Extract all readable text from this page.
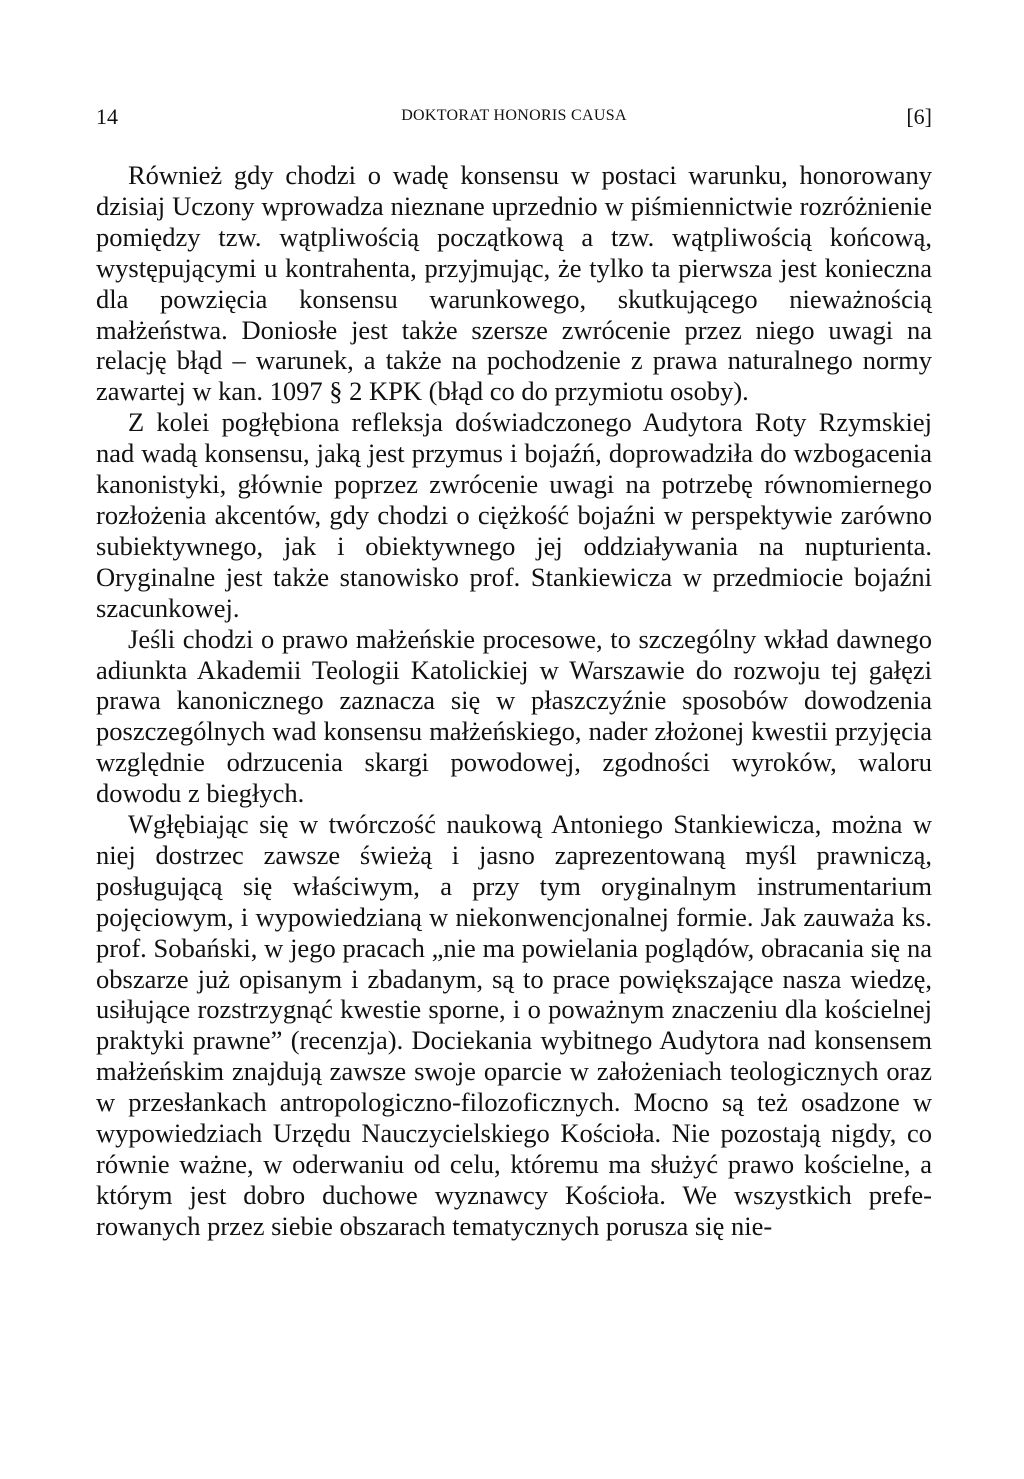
14	DOKTORAT HONORIS CAUSA	[6]

Również gdy chodzi o wadę konsensu w postaci warunku, honorowany dzisiaj Uczony wprowadza nieznane uprzednio w piśmiennictwie rozróżnienie pomiędzy tzw. wątpliwością początkową a tzw. wątpliwością końcową, występującymi u kontrahenta, przyjmując, że tylko ta pierwsza jest konieczna dla powzięcia konsensu warunkowego, skutkującego nieważnością małżeństwa. Doniosłe jest także szersze zwrócenie przez niego uwagi na relację błąd – warunek, a także na pochodzenie z prawa naturalnego normy zawartej w kan. 1097 § 2 KPK (błąd co do przymiotu osoby).

Z kolei pogłębiona refleksja doświadczonego Audytora Roty Rzymskiej nad wadą konsensu, jaką jest przymus i bojaźń, doprowadziła do wzbogacenia kanonistyki, głównie poprzez zwrócenie uwagi na potrzebę równomiernego rozłożenia akcentów, gdy chodzi o ciężkość bojaźni w perspektywie zarówno subiektywnego, jak i obiektywnego jej oddziaływania na nupturienta. Oryginalne jest także stanowisko prof. Stankiewicza w przedmiocie bojaźni szacunkowej.

Jeśli chodzi o prawo małżeńskie procesowe, to szczególny wkład dawnego adiunkta Akademii Teologii Katolickiej w Warszawie do rozwoju tej gałęzi prawa kanonicznego zaznacza się w płaszczyźnie sposobów dowodzenia poszczególnych wad konsensu małżeńskiego, nader złożonej kwestii przyjęcia względnie odrzucenia skargi powodowej, zgodności wyroków, waloru dowodu z biegłych.

Wgłębiając się w twórczość naukową Antoniego Stankiewicza, można w niej dostrzec zawsze świeżą i jasno zaprezentowaną myśl prawniczą, posługującą się właściwym, a przy tym oryginalnym instrumentarium pojęciowym, i wypowiedzianą w niekonwencjonalnej formie. Jak zauważa ks. prof. Sobański, w jego pracach „nie ma powielania poglądów, obracania się na obszarze już opisanym i zbadanym, są to prace powiększające nasza wiedzę, usiłujące rozstrzygnąć kwestie sporne, i o poważnym znaczeniu dla kościelnej praktyki prawne” (recenzja). Dociekania wybitnego Audytora nad konsensem małżeńskim znajdują zawsze swoje oparcie w założeniach teologicznych oraz w przesłankach antropologiczno-filozoficznych. Mocno są też osadzone w wypowiedziach Urzędu Nauczycielskiego Kościoła. Nie pozostają nigdy, co równie ważne, w oderwaniu od celu, któremu ma służyć prawo kościelne, a którym jest dobro duchowe wyznawcy Kościoła. We wszystkich preferowanych przez siebie obszarach tematycznych porusza się nie-
